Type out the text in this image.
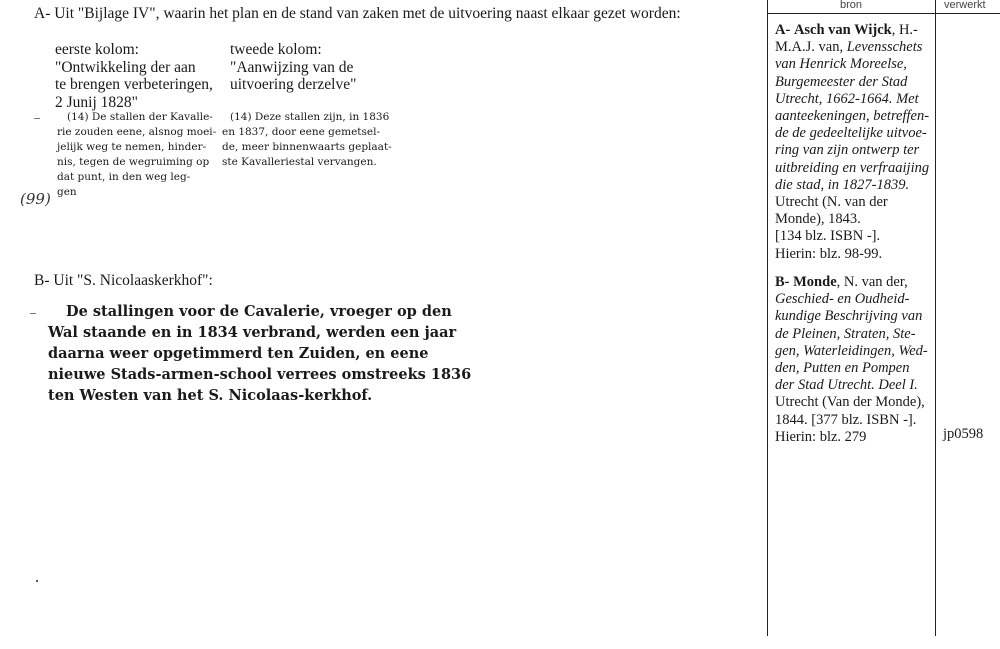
A- Uit "Bijlage IV", waarin het plan en de stand van zaken met de uitvoering naast elkaar gezet worden:
eerste kolom:
"Ontwikkeling der aan
te brengen verbeteringen,
2 Junij 1828"
tweede kolom:
"Aanwijzing van de
uitvoering derzelve"
(14) De stallen der Kavalle-
rie zouden eene, alsnog moei-
jelijk weg te nemen, hinder-
nis, tegen de wegruiming op
dat punt, in den weg leg-
gen
(14) Deze stallen zijn, in 1836
en 1837, door eene gemetsel-
de, meer binnenwaarts geplaat-
ste Kavalleriestal vervangen.
(99)
B- Uit "S. Nicolaaskerkhof":
De stallingen voor de Cavalerie, vroeger op den
Wal staande en in 1834 verbrand, werden een jaar
daarna weer opgetimmerd ten Zuiden, en eene
nieuwe Stads-armen-school verrees omstreeks 1836
ten Westen van het S. Nicolaas-kerkhof.
bron	verwerkt
A- Asch van Wijck, H.-
M.A.J. van, Levensschets
van Henrick Moreelse,
Burgemeester der Stad
Utrecht, 1662-1664. Met
aanteekeningen, betreffen-
de de gedeeltelijke uitvoe-
ring van zijn ontwerp ter
uitbreiding en verfraaijing
die stad, in 1827-1839.
Utrecht (N. van der
Monde), 1843.
[134 blz. ISBN -].
Hierin: blz. 98-99.
B- Monde, N. van der,
Geschied- en Oudheid-
kundige Beschrijving van
de Pleinen, Straten, Ste-
gen, Waterleidingen, Wed-
den, Putten en Pompen
der Stad Utrecht. Deel I.
Utrecht (Van der Monde),
1844. [377 blz. ISBN -].
Hierin: blz. 279	jp0598
